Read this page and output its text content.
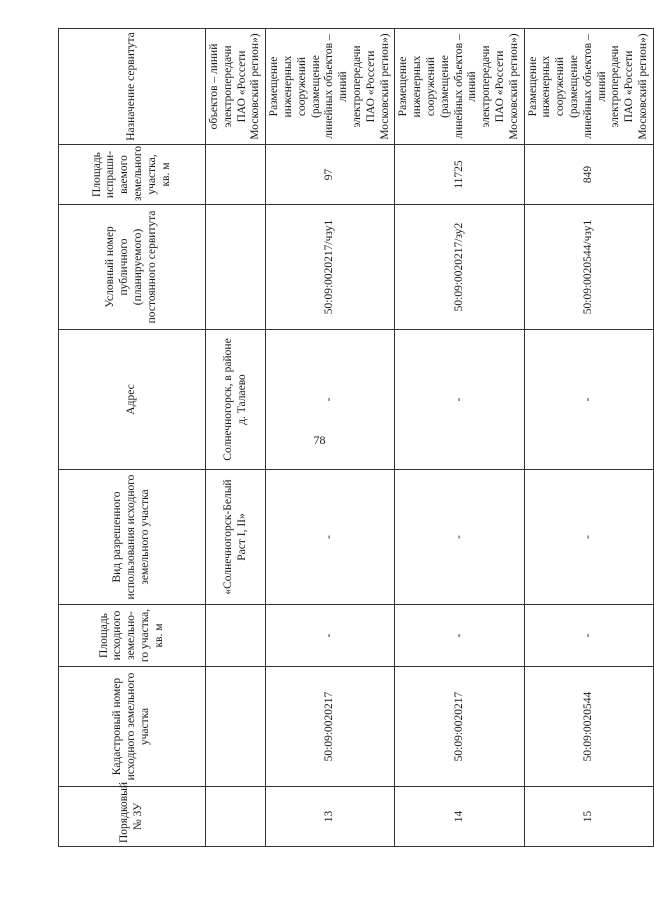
78
Порядковый № ЗУ	Кадастровый номер исходного земельного участка	Площадь исходного земельно-го участка, кв. м	Вид разрешенного использования исходного земельного участка	Адрес	Условный номер публичного (планируемого) постоянного сервитута	Площадь испраши-ваемого земельного участка, кв. м	Назначение сервитута
			«Солнечногорск-Белый Раст I, II»	Солнечногорск, в районе д. Талаево			объектов – линий электропередачи ПАО «Россети Московский регион»)
13	50:09:0020217	-	-	-	50:09:0020217/чзу1	97	Размещение инженерных сооружений (размещение линейных объектов – линий электропередачи ПАО «Россети Московский регион»)
14	50:09:0020217	-	-	-	50:09:0020217/зу2	11725	Размещение инженерных сооружений (размещение линейных объектов – линий электропередачи ПАО «Россети Московский регион»)
15	50:09:0020544	-	-	-	50:09:0020544/чзу1	849	Размещение инженерных сооружений (размещение линейных объектов – линий электропередачи ПАО «Россети Московский регион»)
